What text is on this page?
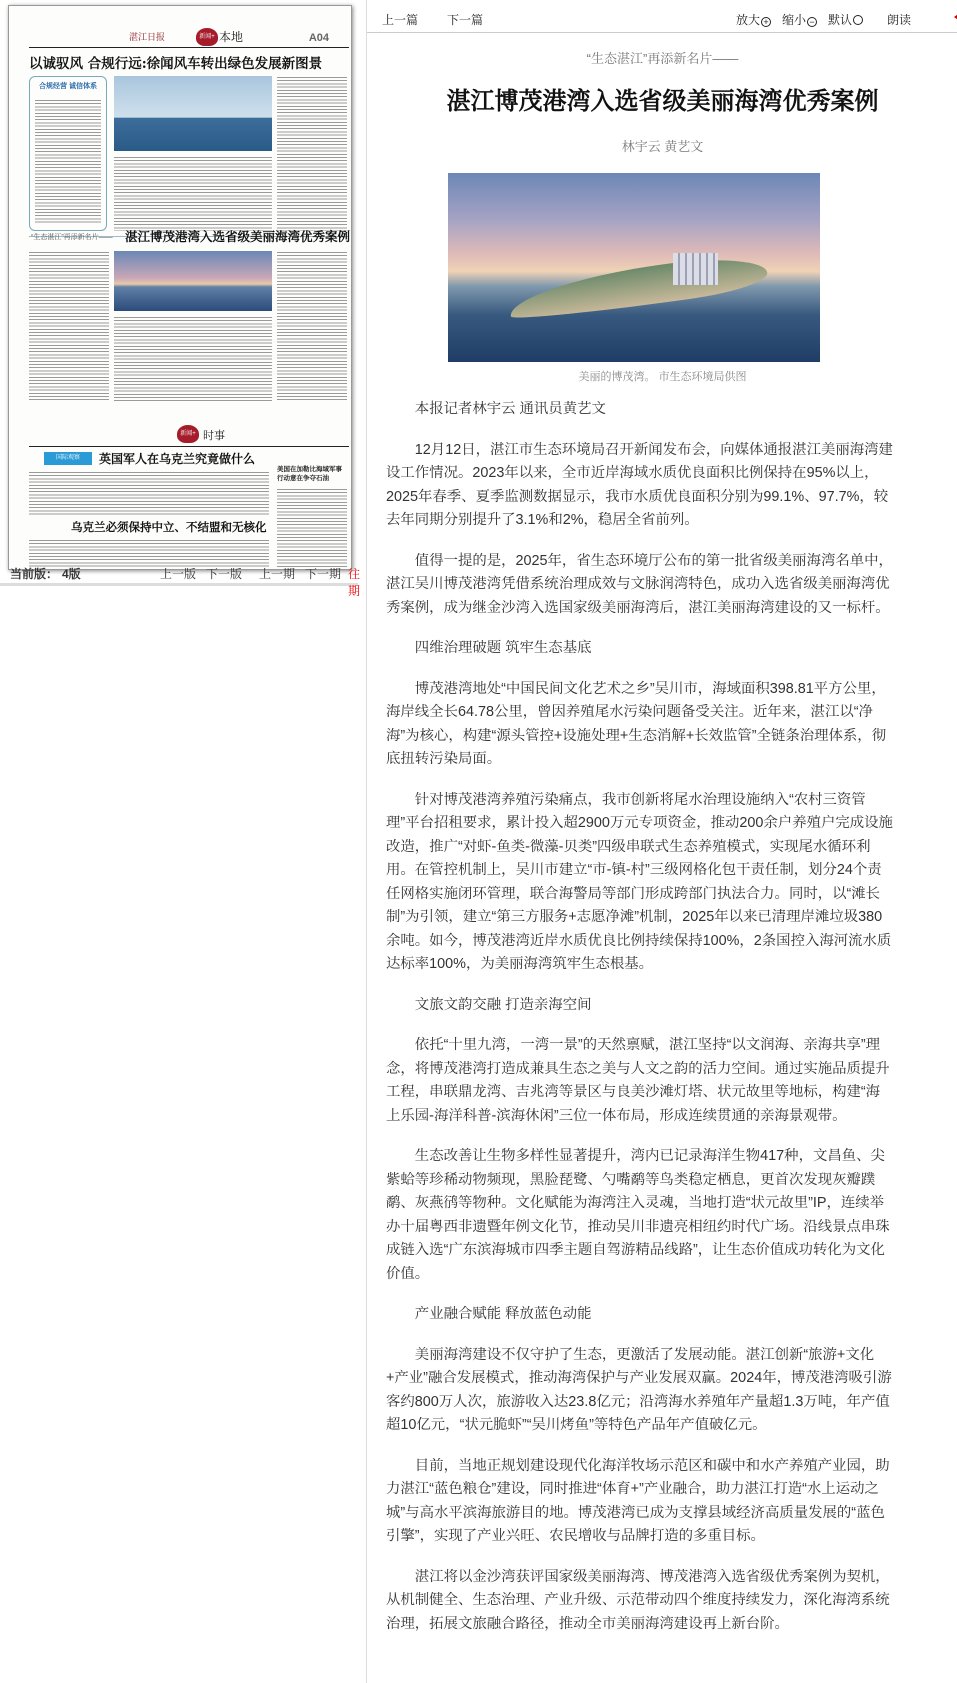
湛江日报	新闻+ 本地	A04
以诚驭风 合规行远:徐闻风车转出绿色发展新图景
合规经营 诚信体系
“生态湛江”再添新名片—— 湛江博茂港湾入选省级美丽海湾优秀案例
新闻+ 时事
国际观察	英国军人在乌克兰究竟做什么
乌克兰必须保持中立、不结盟和无核化
美国在加勒比海域军事行动意在争夺石油
当前版： 4版	上一版 下一版 上一期 下一期 往期
上一篇 下一篇	放大 + 缩小 − 默认	朗读
“生态湛江”再添新名片——
湛江博茂港湾入选省级美丽海湾优秀案例
林宇云 黄艺文
美丽的博茂湾。 市生态环境局供图

本报记者林宇云 通讯员黄艺文

12月12日，湛江市生态环境局召开新闻发布会，向媒体通报湛江美丽海湾建设工作情况。2023年以来，全市近岸海域水质优良面积比例保持在95%以上，2025年春季、夏季监测数据显示，我市水质优良面积分别为99.1%、97.7%，较去年同期分别提升了3.1%和2%，稳居全省前列。

值得一提的是，2025年，省生态环境厅公布的第一批省级美丽海湾名单中，湛江吴川博茂港湾凭借系统治理成效与文脉润湾特色，成功入选省级美丽海湾优秀案例，成为继金沙湾入选国家级美丽海湾后，湛江美丽海湾建设的又一标杆。

四维治理破题 筑牢生态基底

博茂港湾地处“中国民间文化艺术之乡”吴川市，海域面积398.81平方公里，海岸线全长64.78公里，曾因养殖尾水污染问题备受关注。近年来，湛江以“净海”为核心，构建“源头管控+设施处理+生态消解+长效监管”全链条治理体系，彻底扭转污染局面。

针对博茂港湾养殖污染痛点，我市创新将尾水治理设施纳入“农村三资管理”平台招租要求，累计投入超2900万元专项资金，推动200余户养殖户完成设施改造，推广“对虾-鱼类-微藻-贝类”四级串联式生态养殖模式，实现尾水循环利用。在管控机制上，吴川市建立“市-镇-村”三级网格化包干责任制，划分24个责任网格实施闭环管理，联合海警局等部门形成跨部门执法合力。同时，以“滩长制”为引领，建立“第三方服务+志愿净滩”机制，2025年以来已清理岸滩垃圾380余吨。如今，博茂港湾近岸水质优良比例持续保持100%，2条国控入海河流水质达标率100%，为美丽海湾筑牢生态根基。

文旅文韵交融 打造亲海空间

依托“十里九湾，一湾一景”的天然禀赋，湛江坚持“以文润海、亲海共享”理念，将博茂港湾打造成兼具生态之美与人文之韵的活力空间。通过实施品质提升工程，串联鼎龙湾、吉兆湾等景区与良美沙滩灯塔、状元故里等地标，构建“海上乐园-海洋科普-滨海休闲”三位一体布局，形成连续贯通的亲海景观带。

生态改善让生物多样性显著提升，湾内已记录海洋生物417种，文昌鱼、尖紫蛤等珍稀动物频现，黑脸琵鹭、勺嘴鹬等鸟类稳定栖息，更首次发现灰瓣蹼鹬、灰燕鸻等物种。文化赋能为海湾注入灵魂，当地打造“状元故里”IP，连续举办十届粤西非遗暨年例文化节，推动吴川非遗亮相纽约时代广场。沿线景点串珠成链入选“广东滨海城市四季主题自驾游精品线路”，让生态价值成功转化为文化价值。

产业融合赋能 释放蓝色动能

美丽海湾建设不仅守护了生态，更激活了发展动能。湛江创新“旅游+文化+产业”融合发展模式，推动海湾保护与产业发展双赢。2024年，博茂港湾吸引游客约800万人次，旅游收入达23.8亿元；沿湾海水养殖年产量超1.3万吨，年产值超10亿元，“状元脆虾”“吴川烤鱼”等特色产品年产值破亿元。

目前，当地正规划建设现代化海洋牧场示范区和碳中和水产养殖产业园，助力湛江“蓝色粮仓”建设，同时推进“体育+”产业融合，助力湛江打造“水上运动之城”与高水平滨海旅游目的地。博茂港湾已成为支撑县域经济高质量发展的“蓝色引擎”，实现了产业兴旺、农民增收与品牌打造的多重目标。

湛江将以金沙湾获评国家级美丽海湾、博茂港湾入选省级优秀案例为契机，从机制健全、生态治理、产业升级、示范带动四个维度持续发力，深化海湾系统治理，拓展文旅融合路径，推动全市美丽海湾建设再上新台阶。
